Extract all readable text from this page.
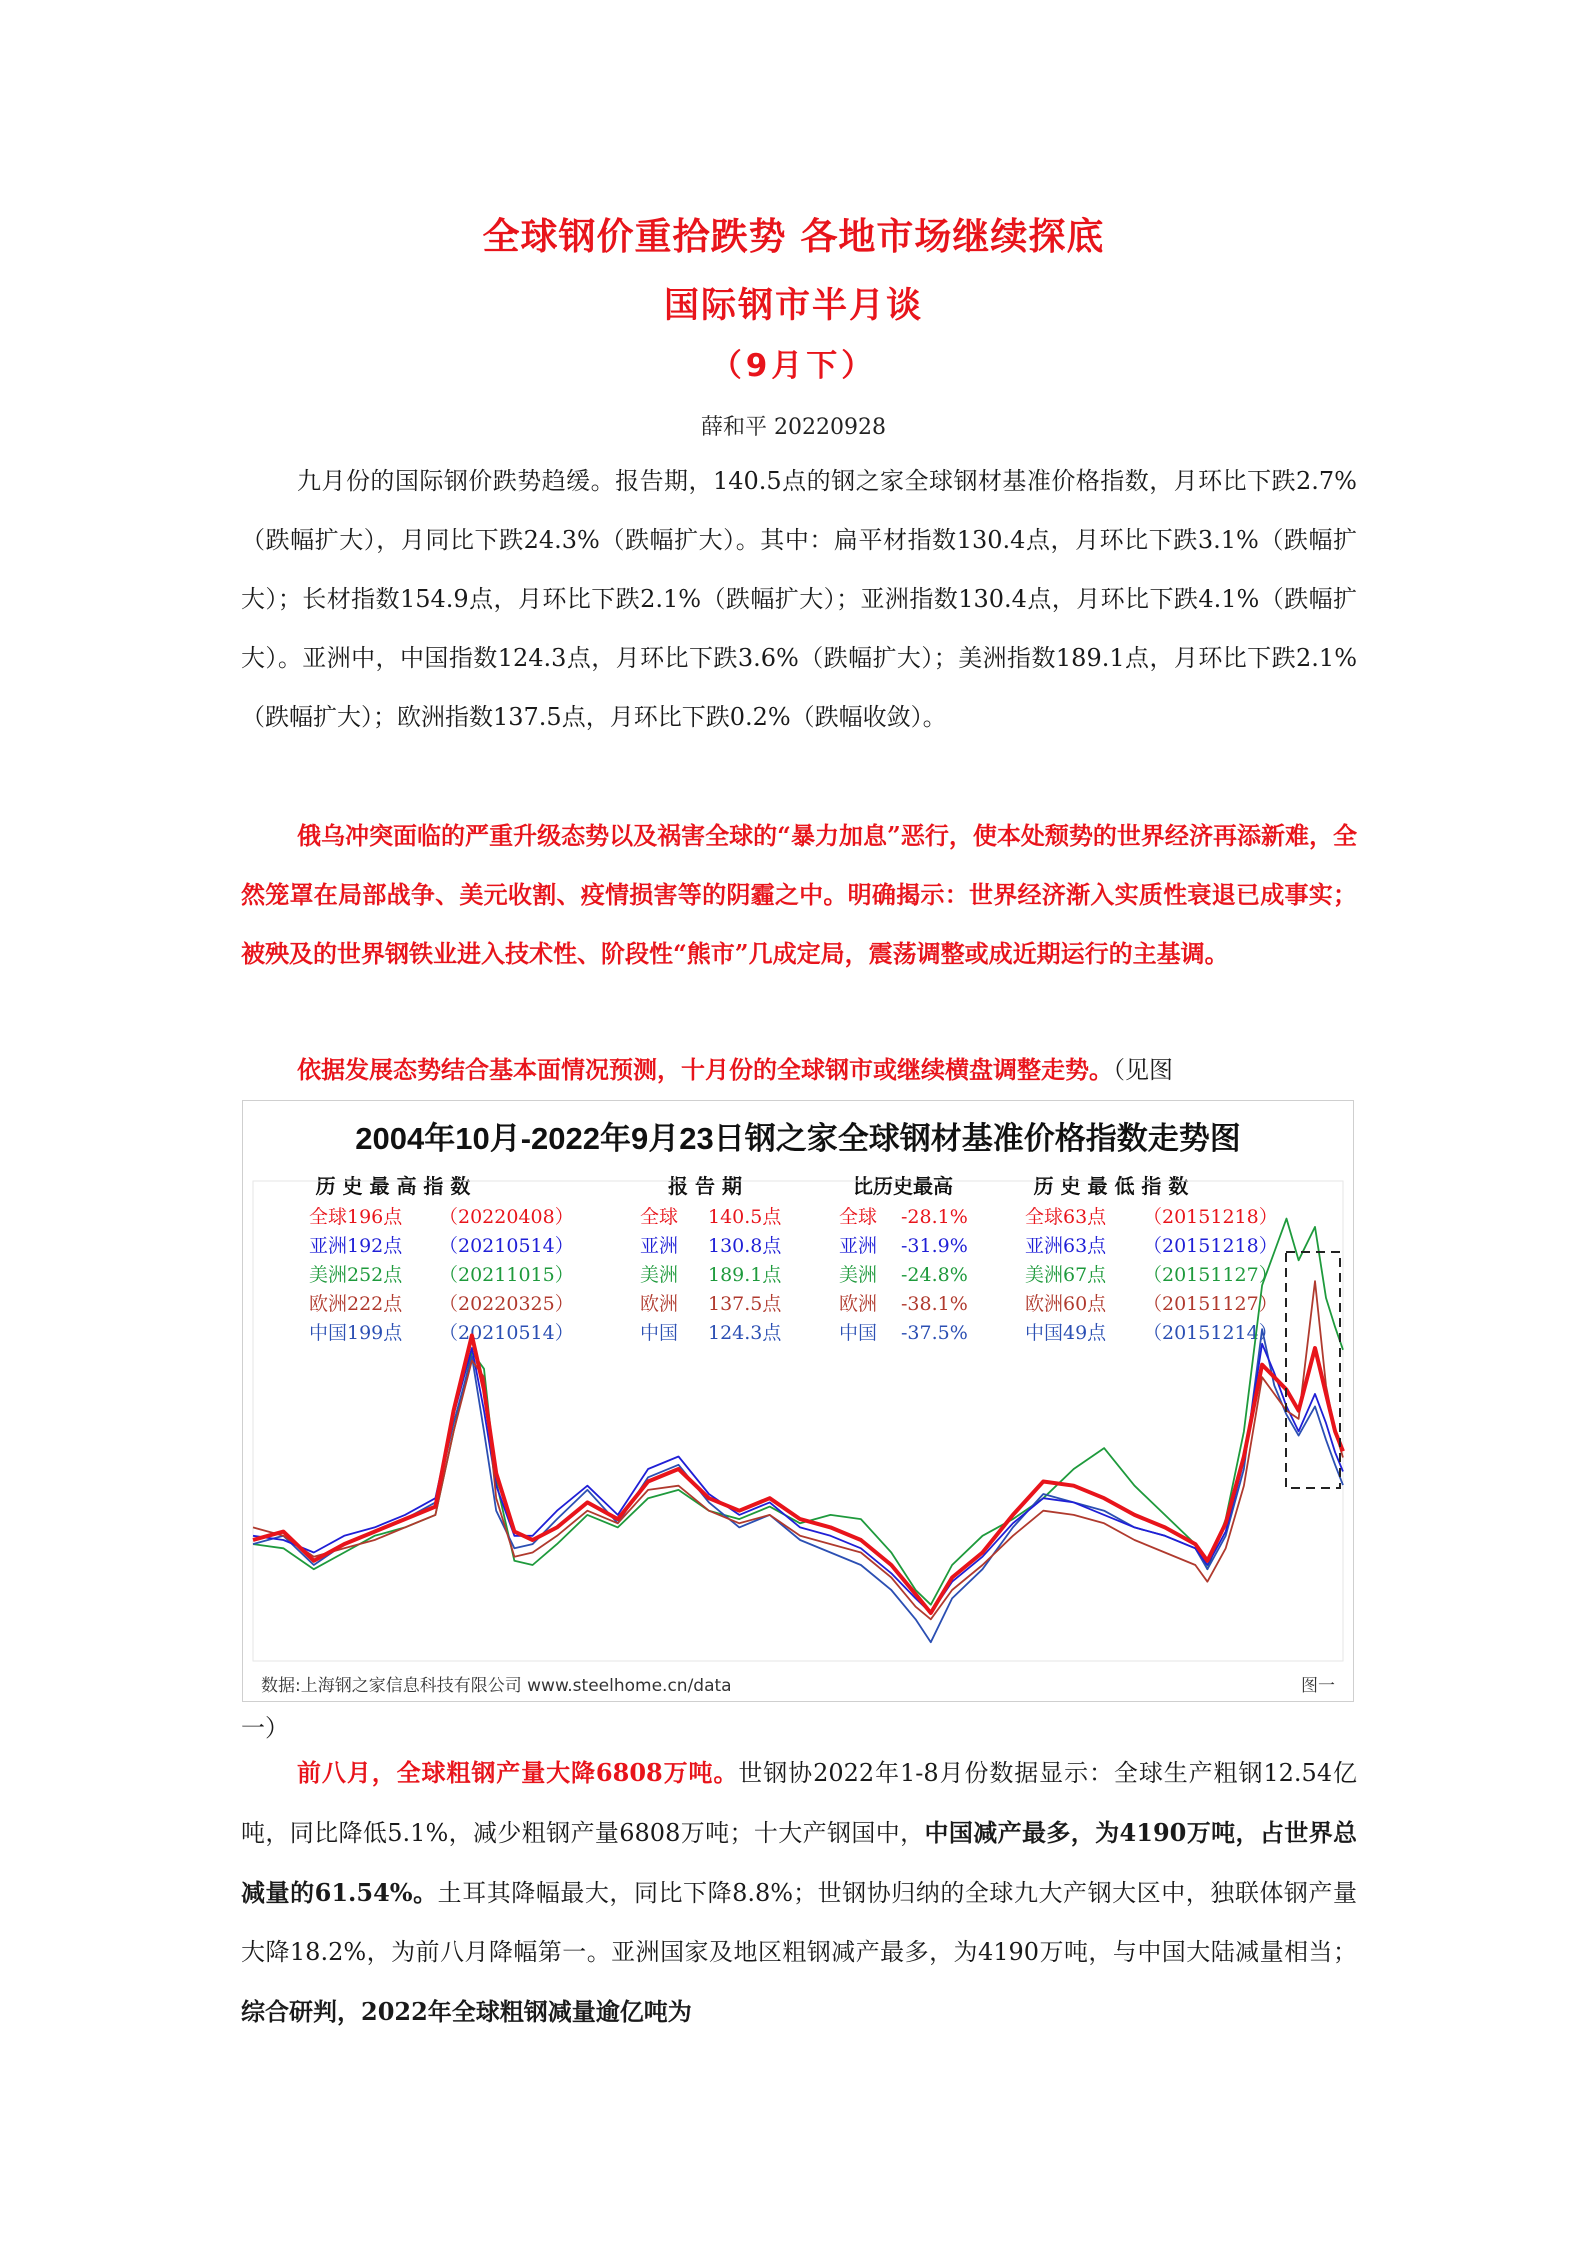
全球钢价重拾跌势 各地市场继续探底
国际钢市半月谈
（9月下）
薛和平 20220928

九月份的国际钢价跌势趋缓。报告期，140.5点的钢之家全球钢材基准价格指数，月环比下跌2.7%（跌幅扩大），月同比下跌24.3%（跌幅扩大）。其中：扁平材指数130.4点，月环比下跌3.1%（跌幅扩大）；长材指数154.9点，月环比下跌2.1%（跌幅扩大）；亚洲指数130.4点，月环比下跌4.1%（跌幅扩大）。亚洲中，中国指数124.3点，月环比下跌3.6%（跌幅扩大）；美洲指数189.1点，月环比下跌2.1%（跌幅扩大）；欧洲指数137.5点，月环比下跌0.2%（跌幅收敛）。

俄乌冲突面临的严重升级态势以及祸害全球的“暴力加息”恶行，使本处颓势的世界经济再添新难，全然笼罩在局部战争、美元收割、疫情损害等的阴霾之中。明确揭示：世界经济渐入实质性衰退已成事实；被殃及的世界钢铁业进入技术性、阶段性“熊市”几成定局，震荡调整或成近期运行的主基调。

依据发展态势结合基本面情况预测，十月份的全球钢市或继续横盘调整走势。（见图

2004年10月-2022年9月23日钢之家全球钢材基准价格指数走势图
历 史 最 高 指 数	报 告 期	比历史最高	历 史 最 低 指 数
全球196点 （20220408）	全球 140.5点	全球 -28.1%	全球63点 （20151218）
亚洲192点 （20210514）	亚洲 130.8点	亚洲 -31.9%	亚洲63点 （20151218）
美洲252点 （20211015）	美洲 189.1点	美洲 -24.8%	美洲67点 （20151127）
欧洲222点 （20220325）	欧洲 137.5点	欧洲 -38.1%	欧洲60点 （20151127）
中国199点 （20210514）	中国 124.3点	中国 -37.5%	中国49点 （20151214）
数据:上海钢之家信息科技有限公司 www.steelhome.cn/data	图一
一）

前八月，全球粗钢产量大降6808万吨。世钢协2022年1-8月份数据显示：全球生产粗钢12.54亿吨，同比降低5.1%，减少粗钢产量6808万吨；十大产钢国中，中国减产最多，为4190万吨，占世界总减量的61.54%。土耳其降幅最大，同比下降8.8%；世钢协归纳的全球九大产钢大区中，独联体钢产量大降18.2%，为前八月降幅第一。亚洲国家及地区粗钢减产最多，为4190万吨，与中国大陆减量相当；综合研判，2022年全球粗钢减量逾亿吨为
